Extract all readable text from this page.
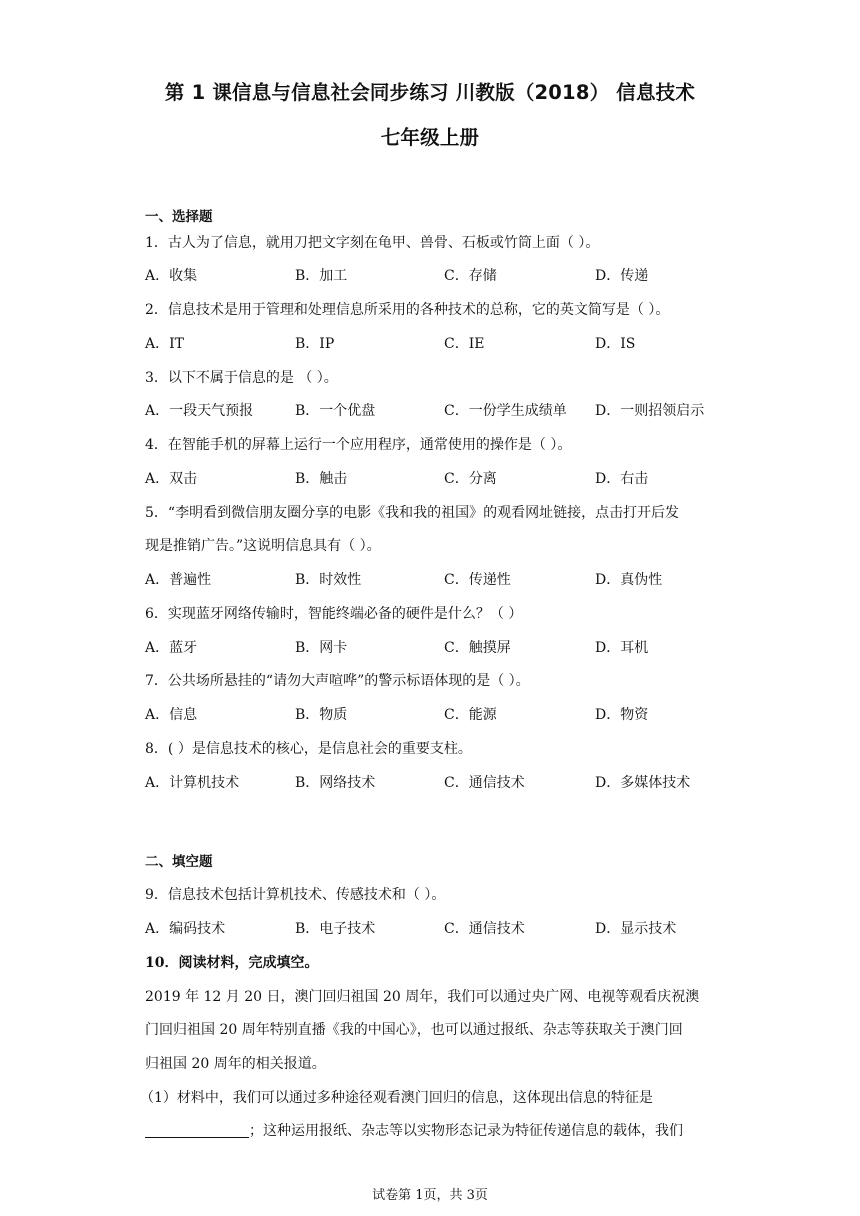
第 1 课信息与信息社会同步练习 川教版（2018） 信息技术
七年级上册
一、选择题
1．古人为了信息，就用刀把文字刻在龟甲、兽骨、石板或竹筒上面（ ）。
A．收集	B．加工	C．存储	D．传递
2．信息技术是用于管理和处理信息所采用的各种技术的总称，它的英文简写是（ ）。
A．IT	B．IP	C．IE	D．IS
3．以下不属于信息的是 （ ）。
A．一段天气预报	B．一个优盘	C．一份学生成绩单 D．一则招领启示
4．在智能手机的屏幕上运行一个应用程序，通常使用的操作是（ ）。
A．双击	B．触击	C．分离	D．右击
5．“李明看到微信朋友圈分享的电影《我和我的祖国》的观看网址链接，点击打开后发
现是推销广告。”这说明信息具有（ ）。
A．普遍性	B．时效性	C．传递性	D．真伪性
6．实现蓝牙网络传输时，智能终端必备的硬件是什么？（ ）
A．蓝牙	B．网卡	C．触摸屏	D．耳机
7．公共场所悬挂的“请勿大声喧哗”的警示标语体现的是（ ）。
A．信息	B．物质	C．能源	D．物资
8．( ）是信息技术的核心，是信息社会的重要支柱。
A．计算机技术	B．网络技术	C．通信技术	D．多媒体技术
二、填空题
9．信息技术包括计算机技术、传感技术和（ ）。
A．编码技术	B．电子技术	C．通信技术	D．显示技术
10．阅读材料，完成填空。
2019 年 12 月 20 日，澳门回归祖国 20 周年，我们可以通过央广网、电视等观看庆祝澳
门回归祖国 20 周年特别直播《我的中国心》，也可以通过报纸、杂志等获取关于澳门回
归祖国 20 周年的相关报道。
（1）材料中，我们可以通过多种途径观看澳门回归的信息，这体现出信息的特征是
；这种运用报纸、杂志等以实物形态记录为特征传递信息的载体，我们
试卷第 1页，共 3页
